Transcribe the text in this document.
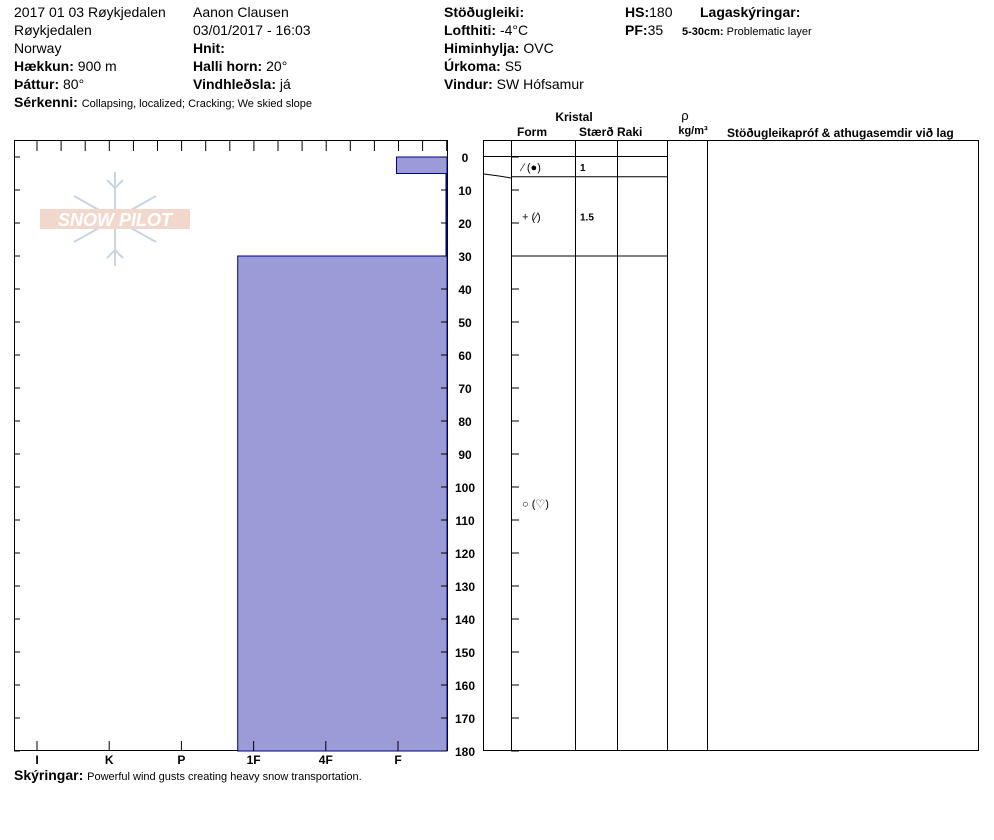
2017 01 03 Røykjedalen
Røykjedalen
Norway
Hækkun: 900 m
Þáttur: 80°
Sérkenni: Collapsing, localized; Cracking; We skied slope
Aanon Clausen
03/01/2017 - 16:03
Hnit:
Halli horn: 20°
Vindhleðsla: já
Stöðugleiki:
Lofthiti: -4°C
Himinhylja: OVC
Úrkoma: S5
Vindur: SW Hófsamur
HS:180
PF:35
Lagaskýringar:
5-30cm: Problematic layer
Kristal
Form	Stærð Raki
ρ
kg/m³ Stöðugleikapróf & athugasemdir við lag
SNOW PILOT
I	K	P	1F	4F	F
0
10
20
30
40
50
60
70
80
90
100
110
120
130
140
150
160
170
180
⁄ (●)	1
+ (⁄)	1.5
○ (♡)
Skýringar: Powerful wind gusts creating heavy snow transportation.
